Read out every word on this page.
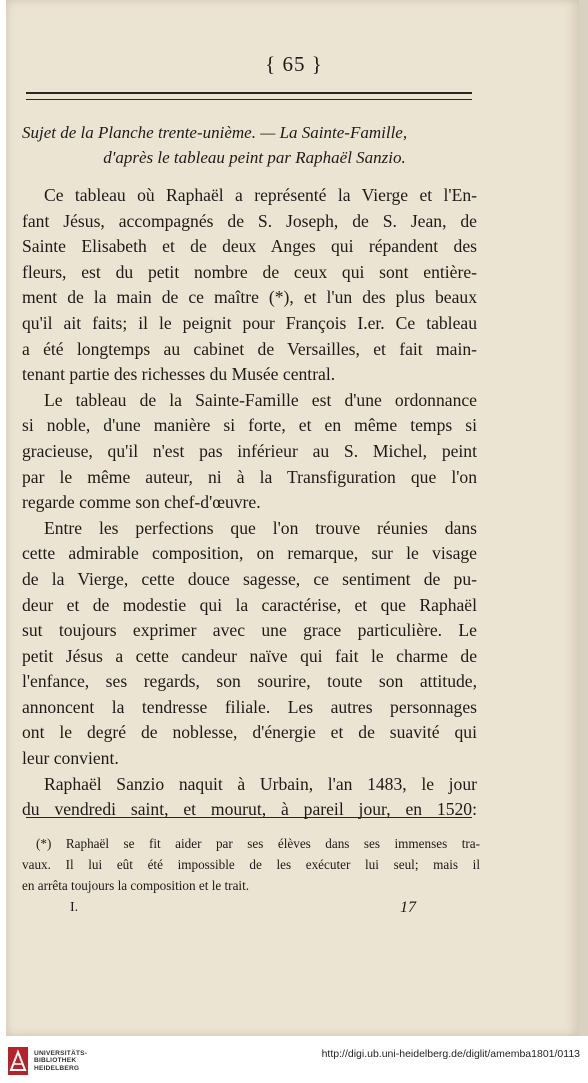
{ 65 }
Sujet de la Planche trente-unième. — La Sainte-Famille,
d'après le tableau peint par Raphaël Sanzio.

Ce tableau où Raphaël a représenté la Vierge et l'En-
fant Jésus, accompagnés de S. Joseph, de S. Jean, de
Sainte Elisabeth et de deux Anges qui répandent des
fleurs, est du petit nombre de ceux qui sont entière-
ment de la main de ce maître (*), et l'un des plus beaux
qu'il ait faits; il le peignit pour François I.er. Ce tableau
a été longtemps au cabinet de Versailles, et fait main-
tenant partie des richesses du Musée central.

Le tableau de la Sainte-Famille est d'une ordonnance
si noble, d'une manière si forte, et en même temps si
gracieuse, qu'il n'est pas inférieur au S. Michel, peint
par le même auteur, ni à la Transfiguration que l'on
regarde comme son chef-d'œuvre.

Entre les perfections que l'on trouve réunies dans
cette admirable composition, on remarque, sur le visage
de la Vierge, cette douce sagesse, ce sentiment de pu-
deur et de modestie qui la caractérise, et que Raphaël
sut toujours exprimer avec une grace particulière. Le
petit Jésus a cette candeur naïve qui fait le charme de
l'enfance, ses regards, son sourire, toute son attitude,
annoncent la tendresse filiale. Les autres personnages
ont le degré de noblesse, d'énergie et de suavité qui
leur convient.

Raphaël Sanzio naquit à Urbain, l'an 1483, le jour
du vendredi saint, et mourut, à pareil jour, en 1520:

(*) Raphaël se fit aider par ses élèves dans ses immenses tra-
vaux. Il lui eût été impossible de les exécuter lui seul; mais il
en arrêta toujours la composition et le trait.
I.	17
UNIVERSITÄTS-
BIBLIOTHEK
HEIDELBERG
http://digi.ub.uni-heidelberg.de/diglit/amemba1801/0113
